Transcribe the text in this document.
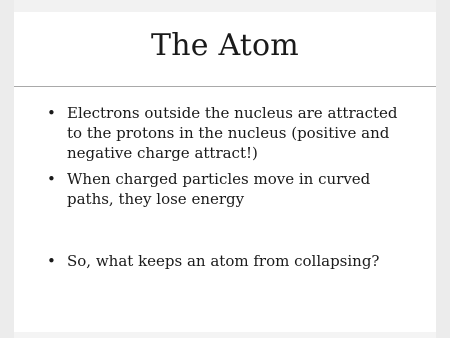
The Atom
• Electrons outside the nucleus are attracted to the protons in the nucleus (positive and negative charge attract!)
• When charged particles move in curved paths, they lose energy
• So, what keeps an atom from collapsing?
